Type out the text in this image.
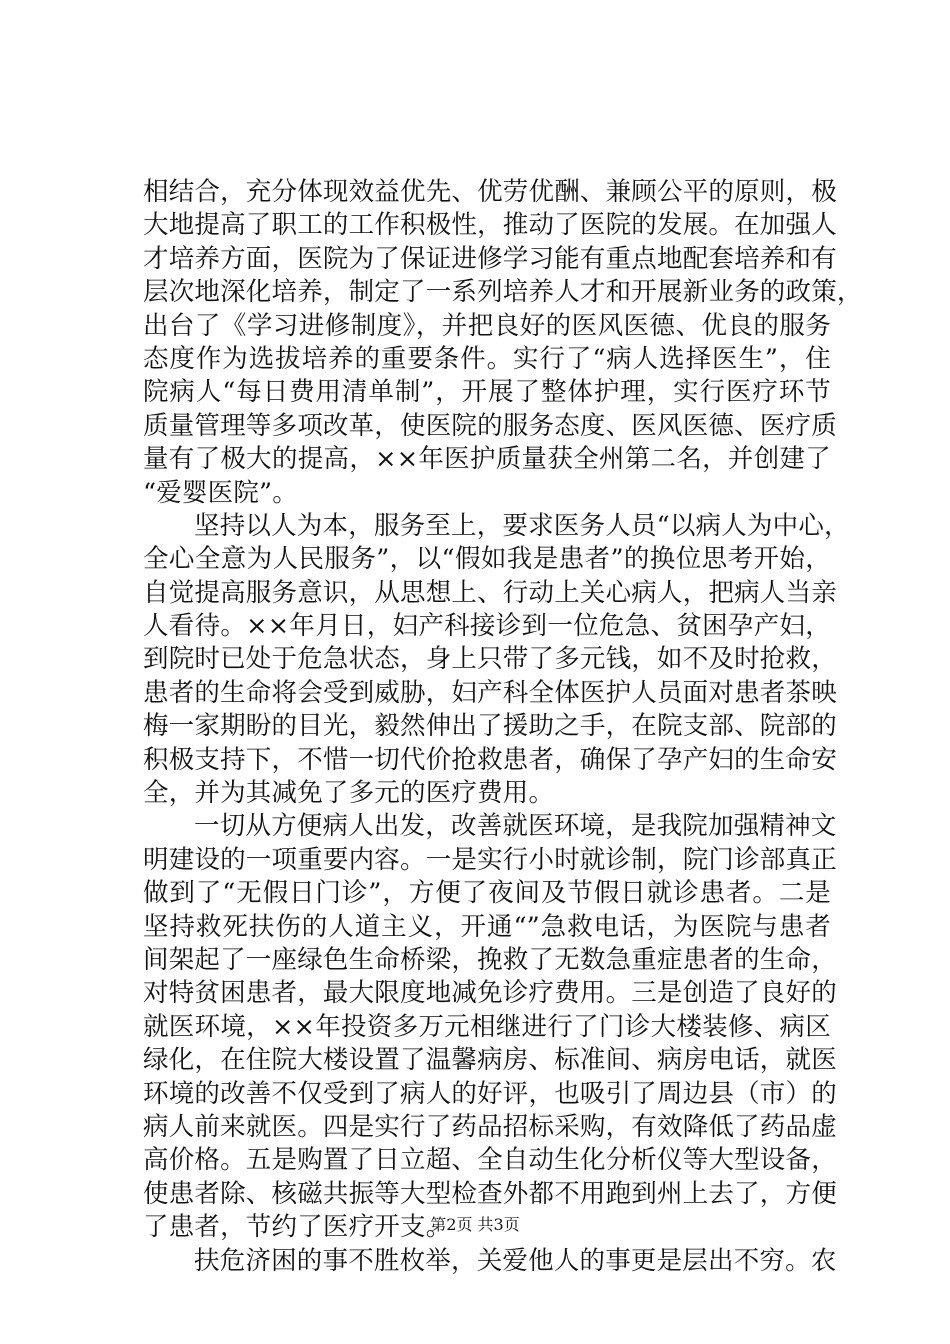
相结合，充分体现效益优先、优劳优酬、兼顾公平的原则，极
大地提高了职工的工作积极性，推动了医院的发展。在加强人
才培养方面，医院为了保证进修学习能有重点地配套培养和有
层次地深化培养，制定了一系列培养人才和开展新业务的政策，
出台了《学习进修制度》，并把良好的医风医德、优良的服务
态度作为选拔培养的重要条件。实行了“病人选择医生”，住
院病人“每日费用清单制”，开展了整体护理，实行医疗环节
质量管理等多项改革，使医院的服务态度、医风医德、医疗质
量有了极大的提高，××年医护质量获全州第二名，并创建了
“爱婴医院”。
坚持以人为本，服务至上，要求医务人员“以病人为中心，
全心全意为人民服务”，以“假如我是患者”的换位思考开始，
自觉提高服务意识，从思想上、行动上关心病人，把病人当亲
人看待。××年月日，妇产科接诊到一位危急、贫困孕产妇，
到院时已处于危急状态，身上只带了多元钱，如不及时抢救，
患者的生命将会受到威胁，妇产科全体医护人员面对患者茶映
梅一家期盼的目光，毅然伸出了援助之手，在院支部、院部的
积极支持下，不惜一切代价抢救患者，确保了孕产妇的生命安
全，并为其减免了多元的医疗费用。
一切从方便病人出发，改善就医环境，是我院加强精神文
明建设的一项重要内容。一是实行小时就诊制，院门诊部真正
做到了“无假日门诊”，方便了夜间及节假日就诊患者。二是
坚持救死扶伤的人道主义，开通“”急救电话，为医院与患者
间架起了一座绿色生命桥梁，挽救了无数急重症患者的生命，
对特贫困患者，最大限度地减免诊疗费用。三是创造了良好的
就医环境，××年投资多万元相继进行了门诊大楼装修、病区
绿化，在住院大楼设置了温馨病房、标准间、病房电话，就医
环境的改善不仅受到了病人的好评，也吸引了周边县（市）的
病人前来就医。四是实行了药品招标采购，有效降低了药品虚
高价格。五是购置了日立超、全自动生化分析仪等大型设备，
使患者除、核磁共振等大型检查外都不用跑到州上去了，方便
了患者，节约了医疗开支。
扶危济困的事不胜枚举，关爱他人的事更是层出不穷。农
第2页 共3页
